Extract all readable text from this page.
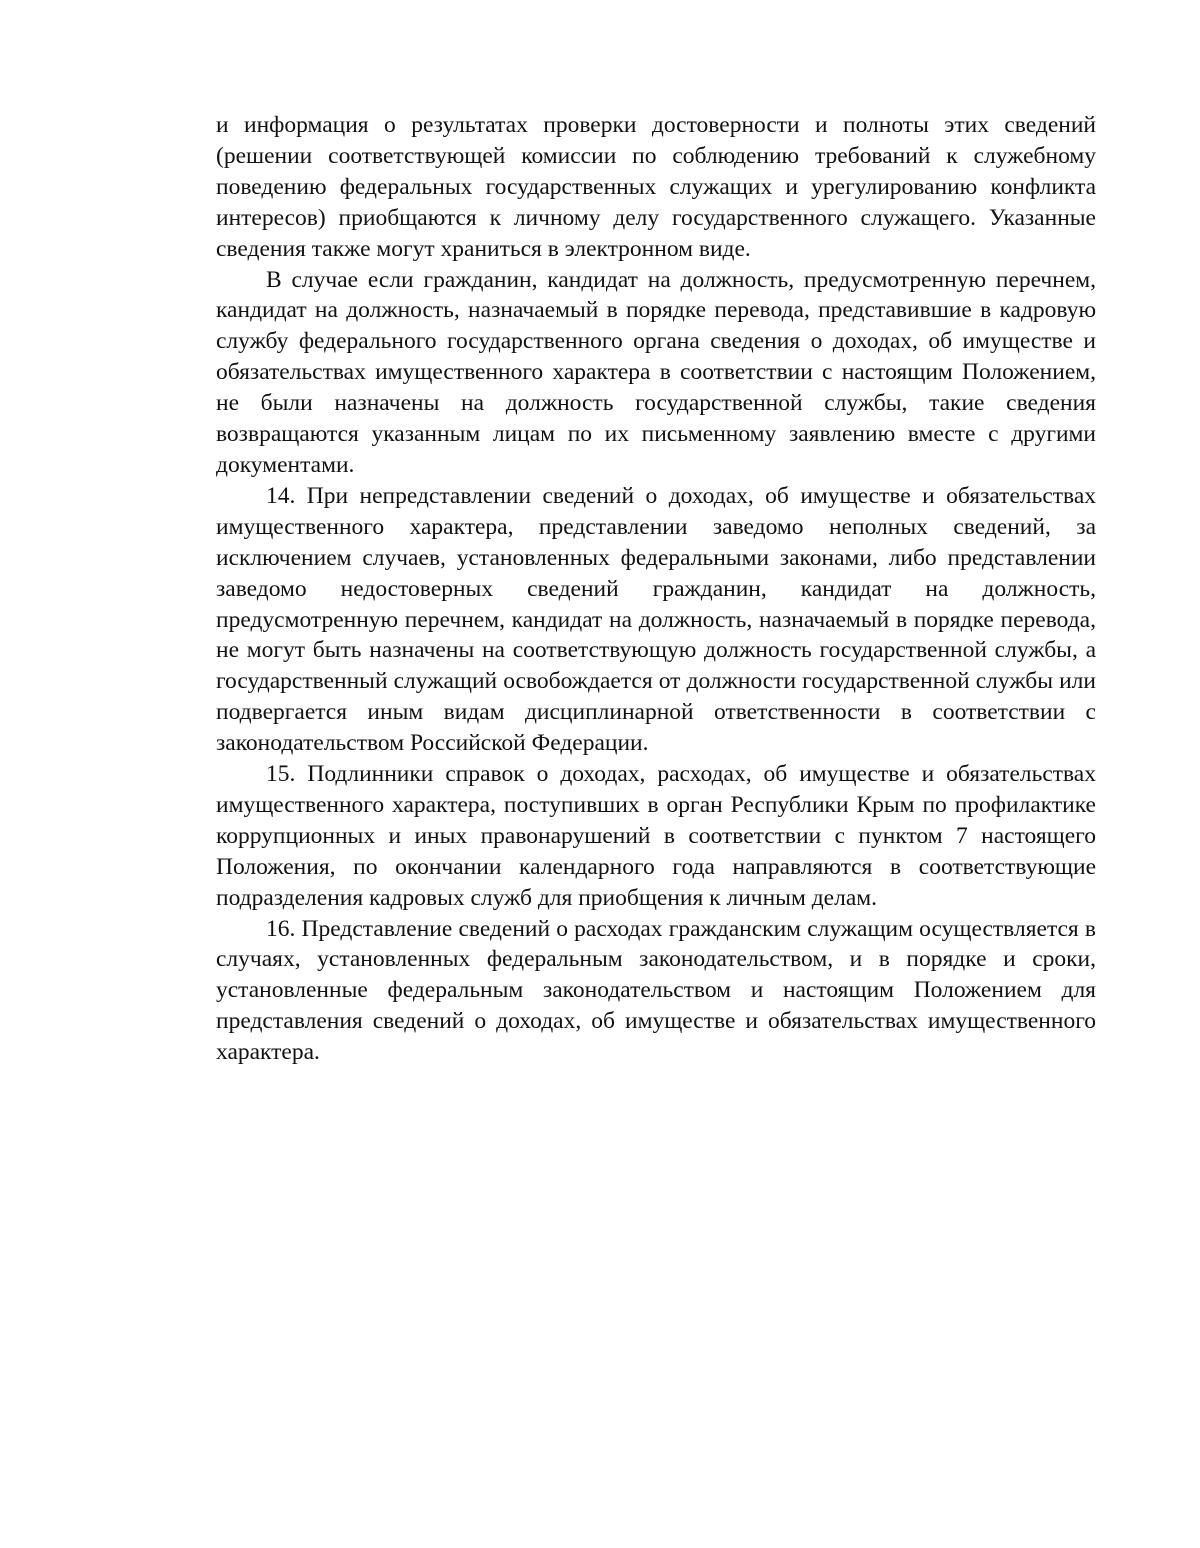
и информация о результатах проверки достоверности и полноты этих сведений (решении соответствующей комиссии по соблюдению требований к служебному поведению федеральных государственных служащих и урегулированию конфликта интересов) приобщаются к личному делу государственного служащего. Указанные сведения также могут храниться в электронном виде.

В случае если гражданин, кандидат на должность, предусмотренную перечнем, кандидат на должность, назначаемый в порядке перевода, представившие в кадровую службу федерального государственного органа сведения о доходах, об имуществе и обязательствах имущественного характера в соответствии с настоящим Положением, не были назначены на должность государственной службы, такие сведения возвращаются указанным лицам по их письменному заявлению вместе с другими документами.

14. При непредставлении сведений о доходах, об имуществе и обязательствах имущественного характера, представлении заведомо неполных сведений, за исключением случаев, установленных федеральными законами, либо представлении заведомо недостоверных сведений гражданин, кандидат на должность, предусмотренную перечнем, кандидат на должность, назначаемый в порядке перевода, не могут быть назначены на соответствующую должность государственной службы, а государственный служащий освобождается от должности государственной службы или подвергается иным видам дисциплинарной ответственности в соответствии с законодательством Российской Федерации.

15. Подлинники справок о доходах, расходах, об имуществе и обязательствах имущественного характера, поступивших в орган Республики Крым по профилактике коррупционных и иных правонарушений в соответствии с пунктом 7 настоящего Положения, по окончании календарного года направляются в соответствующие подразделения кадровых служб для приобщения к личным делам.

16. Представление сведений о расходах гражданским служащим осуществляется в случаях, установленных федеральным законодательством, и в порядке и сроки, установленные федеральным законодательством и настоящим Положением для представления сведений о доходах, об имуществе и обязательствах имущественного характера.
